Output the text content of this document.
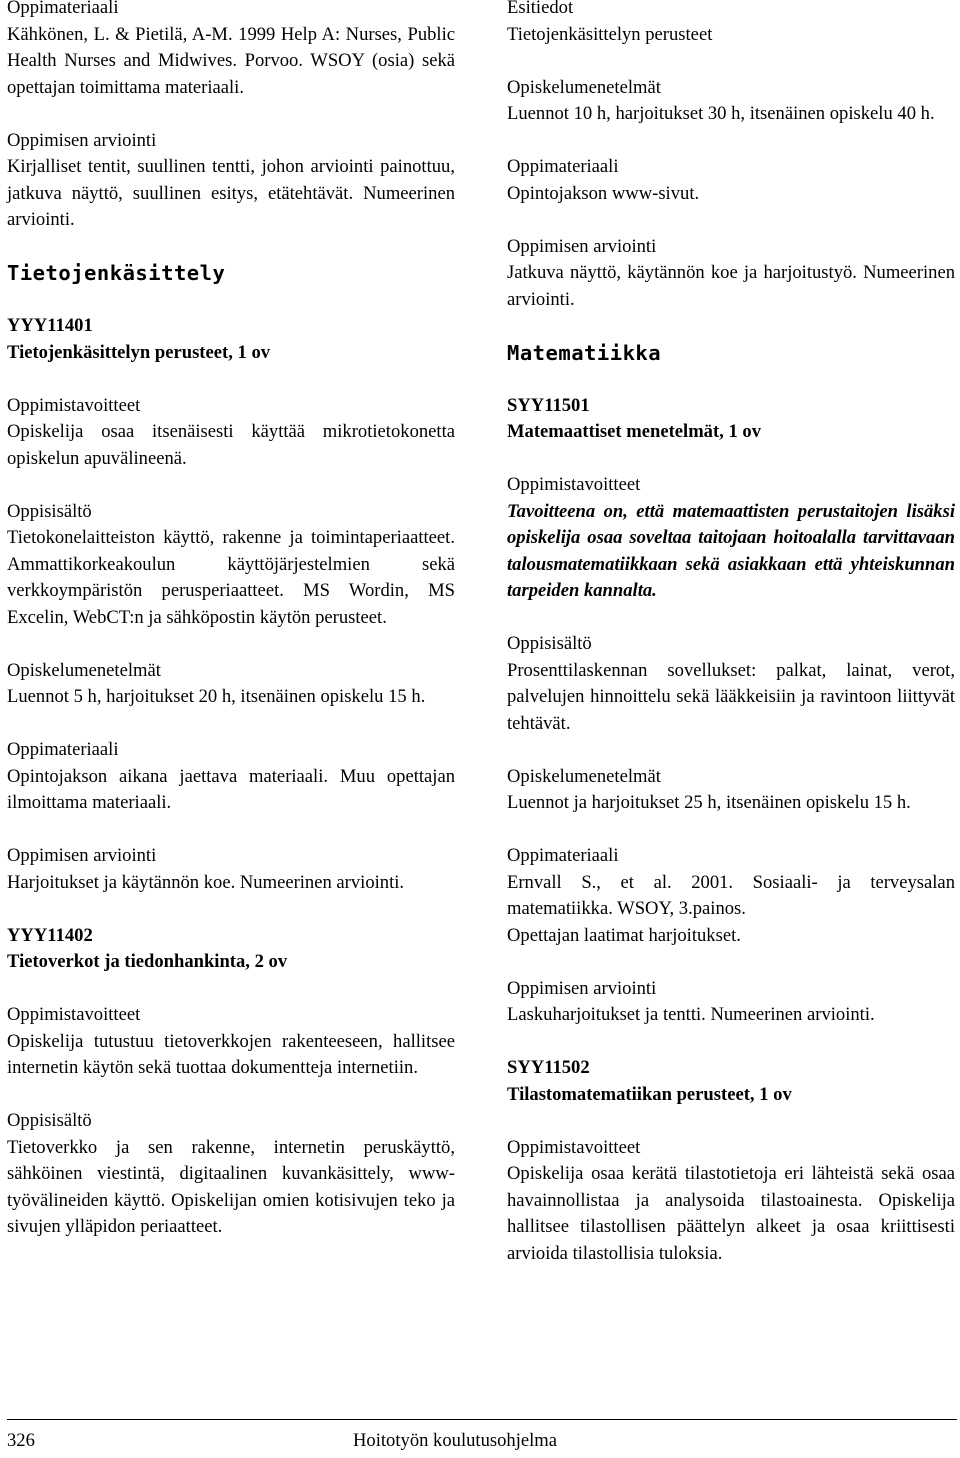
Oppimateriaali
Kähkönen, L. & Pietilä, A-M. 1999 Help A: Nurses, Public Health Nurses and Midwives. Porvoo. WSOY (osia) sekä opettajan toimittama materiaali.
Oppimisen arviointi
Kirjalliset tentit, suullinen tentti, johon arviointi painottuu, jatkuva näyttö, suullinen esitys, etätehtävät. Numeerinen arviointi.
Tietojenkäsittely
YYY11401
Tietojenkäsittelyn perusteet, 1 ov
Oppimistavoitteet
Opiskelija osaa itsenäisesti käyttää mikrotietokonetta opiskelun apuvälineenä.
Oppisisältö
Tietokonelaitteiston käyttö, rakenne ja toimintaperiaatteet. Ammattikorkeakoulun käyttöjärjestelmien sekä verkkoympäristön perusperiaatteet. MS Wordin, MS Excelin, WebCT:n ja sähköpostin käytön perusteet.
Opiskelumenetelmät
Luennot 5 h, harjoitukset 20 h, itsenäinen opiskelu 15 h.
Oppimateriaali
Opintojakson aikana jaettava materiaali. Muu opettajan ilmoittama materiaali.
Oppimisen arviointi
Harjoitukset ja käytännön koe. Numeerinen arviointi.
YYY11402
Tietoverkot ja tiedonhankinta, 2 ov
Oppimistavoitteet
Opiskelija tutustuu tietoverkkojen rakenteeseen, hallitsee internetin käytön sekä tuottaa dokumentteja internetiin.
Oppisisältö
Tietoverkko ja sen rakenne, internetin peruskäyttö, sähköinen viestintä, digitaalinen kuvankäsittely, www-työvälineiden käyttö. Opiskelijan omien kotisivujen teko ja sivujen ylläpidon periaatteet.
Esitiedot
Tietojenkäsittelyn perusteet
Opiskelumenetelmät
Luennot 10 h, harjoitukset 30 h, itsenäinen opiskelu 40 h.
Oppimateriaali
Opintojakson www-sivut.
Oppimisen arviointi
Jatkuva näyttö, käytännön koe ja harjoitustyö. Numeerinen arviointi.
Matematiikka
SYY11501
Matemaattiset menetelmät, 1 ov
Oppimistavoitteet
Tavoitteena on, että matemaattisten perustaitojen lisäksi opiskelija osaa soveltaa taitojaan hoitoalalla tarvittavaan talousmatematiikkaan sekä asiakkaan että yhteiskunnan tarpeiden kannalta.
Oppisisältö
Prosenttilaskennan sovellukset: palkat, lainat, verot, palvelujen hinnoittelu sekä lääkkeisiin ja ravintoon liittyvät tehtävät.
Opiskelumenetelmät
Luennot ja harjoitukset 25 h, itsenäinen opiskelu 15 h.
Oppimateriaali
Ernvall S., et al. 2001. Sosiaali- ja terveysalan matematiikka. WSOY, 3.painos.
Opettajan laatimat harjoitukset.
Oppimisen arviointi
Laskuharjoitukset ja tentti. Numeerinen arviointi.
SYY11502
Tilastomatematiikan perusteet, 1 ov
Oppimistavoitteet
Opiskelija osaa kerätä tilastotietoja eri lähteistä sekä osaa havainnollistaa ja analysoida tilastoainesta. Opiskelija hallitsee tilastollisen päättelyn alkeet ja osaa kriittisesti arvioida tilastollisia tuloksia.
326	Hoitotyön koulutusohjelma
